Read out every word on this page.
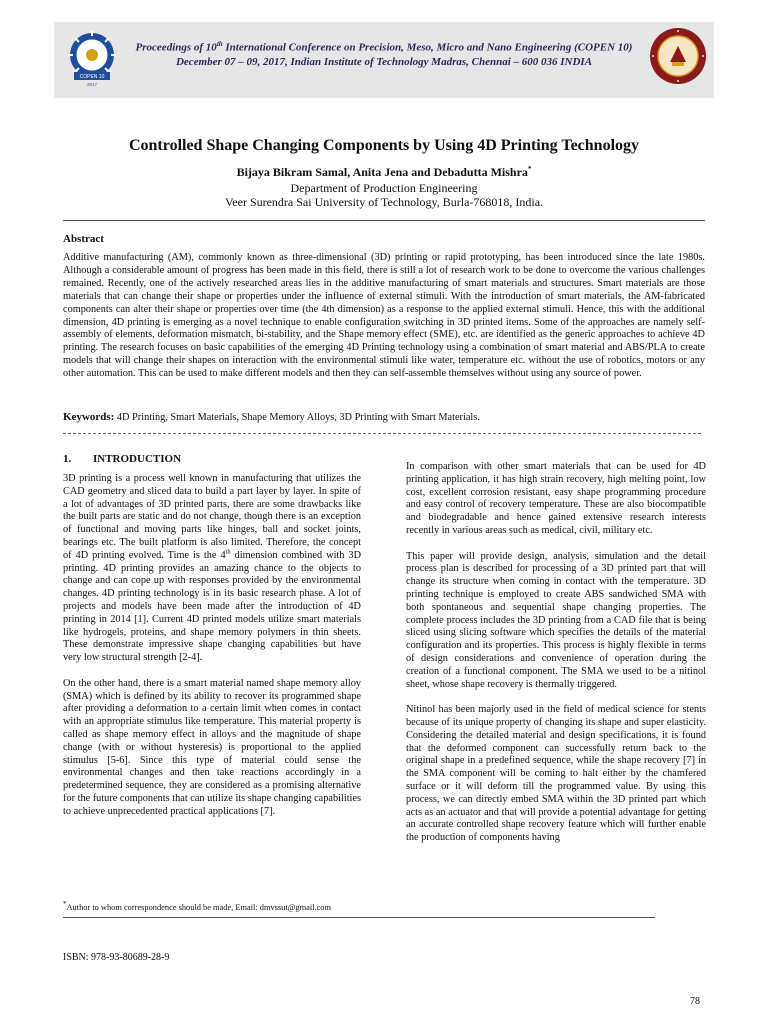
COPEN 10
2017
Proceedings of 10th International Conference on Precision, Meso, Micro and Nano Engineering (COPEN 10)
December 07 – 09, 2017, Indian Institute of Technology Madras, Chennai – 600 036 INDIA
Controlled Shape Changing Components by Using 4D Printing Technology
Bijaya Bikram Samal, Anita Jena and Debadutta Mishra*
Department of Production Engineering
Veer Surendra Sai University of Technology, Burla-768018, India.
Abstract
Additive manufacturing (AM), commonly known as three-dimensional (3D) printing or rapid prototyping, has been introduced since the late 1980s. Although a considerable amount of progress has been made in this field, there is still a lot of research work to be done to overcome the various challenges remained. Recently, one of the actively researched areas lies in the additive manufacturing of smart materials and structures. Smart materials are those materials that can change their shape or properties under the influence of external stimuli. With the introduction of smart materials, the AM-fabricated components can alter their shape or properties over time (the 4th dimension) as a response to the applied external stimuli. Hence, this with the additional dimension, 4D printing is emerging as a novel technique to enable configuration switching in 3D printed items. Some of the approaches are namely self-assembly of elements, deformation mismatch, bi-stability, and the Shape memory effect (SME), etc. are identified as the generic approaches to achieve 4D printing. The research focuses on basic capabilities of the emerging 4D Printing technology using a combination of smart material and ABS/PLA to create models that will change their shapes on interaction with the environmental stimuli like water, temperature etc. without the use of robotics, motors or any other automation. This can be used to make different models and then they can self-assemble themselves without using any source of power.
Keywords: 4D Printing, Smart Materials, Shape Memory Alloys, 3D Printing with Smart Materials.
1. INTRODUCTION

3D printing is a process well known in manufacturing that utilizes the CAD geometry and sliced data to build a part layer by layer. In spite of a lot of advantages of 3D printed parts, there are some drawbacks like the built parts are static and do not change, though there is an exception of functional and moving parts like hinges, ball and socket joints, bearings etc. The built platform is also limited. Therefore, the concept of 4D printing evolved. Time is the 4th dimension combined with 3D printing. 4D printing provides an amazing chance to the objects to change and can cope up with responses provided by the environmental changes. 4D printing technology is in its basic research phase. A lot of projects and models have been made after the introduction of 4D printing in 2014 [1]. Current 4D printed models utilize smart materials like hydrogels, proteins, and shape memory polymers in thin sheets. These demonstrate impressive shape changing capabilities but have very low structural strength [2-4].

On the other hand, there is a smart material named shape memory alloy (SMA) which is defined by its ability to recover its programmed shape after providing a deformation to a certain limit when comes in contact with an appropriate stimulus like temperature. This material property is called as shape memory effect in alloys and the magnitude of shape change (with or without hysteresis) is proportional to the applied stimulus [5-6]. Since this type of material could sense the environmental changes and then take reactions accordingly in a predetermined sequence, they are considered as a promising alternative for the future components that can utilize its shape changing capabilities to achieve unprecedented practical applications [7].

In comparison with other smart materials that can be used for 4D printing application, it has high strain recovery, high melting point, low cost, excellent corrosion resistant, easy shape programming procedure and easy control of recovery temperature. These are also biocompatible and biodegradable and hence gained extensive research interests recently in various areas such as medical, civil, military etc.

This paper will provide design, analysis, simulation and the detail process plan is described for processing of a 3D printed part that will change its structure when coming in contact with the temperature. 3D printing technique is employed to create ABS sandwiched SMA with both spontaneous and sequential shape changing properties. The complete process includes the 3D printing from a CAD file that is being sliced using slicing software which specifies the details of the material configuration and its properties. This process is highly flexible in terms of design considerations and convenience of operation during the creation of a functional component. The SMA we used to be a nitinol sheet, whose shape recovery is thermally triggered.

Nitinol has been majorly used in the field of medical science for stents because of its unique property of changing its shape and super elasticity. Considering the detailed material and design specifications, it is found that the deformed component can successfully return back to the original shape in a predefined sequence, while the shape recovery [7] in the SMA component will be coming to halt either by the chamfered surface or it will deform till the programmed value. By using this process, we can directly embed SMA within the 3D printed part which acts as an actuator and that will provide a potential advantage for getting an accurate controlled shape recovery feature which will further enable the production of components having

*Author to whom correspondence should be made, Email: dmvssut@gmail.com
ISBN: 978-93-80689-28-9
78
